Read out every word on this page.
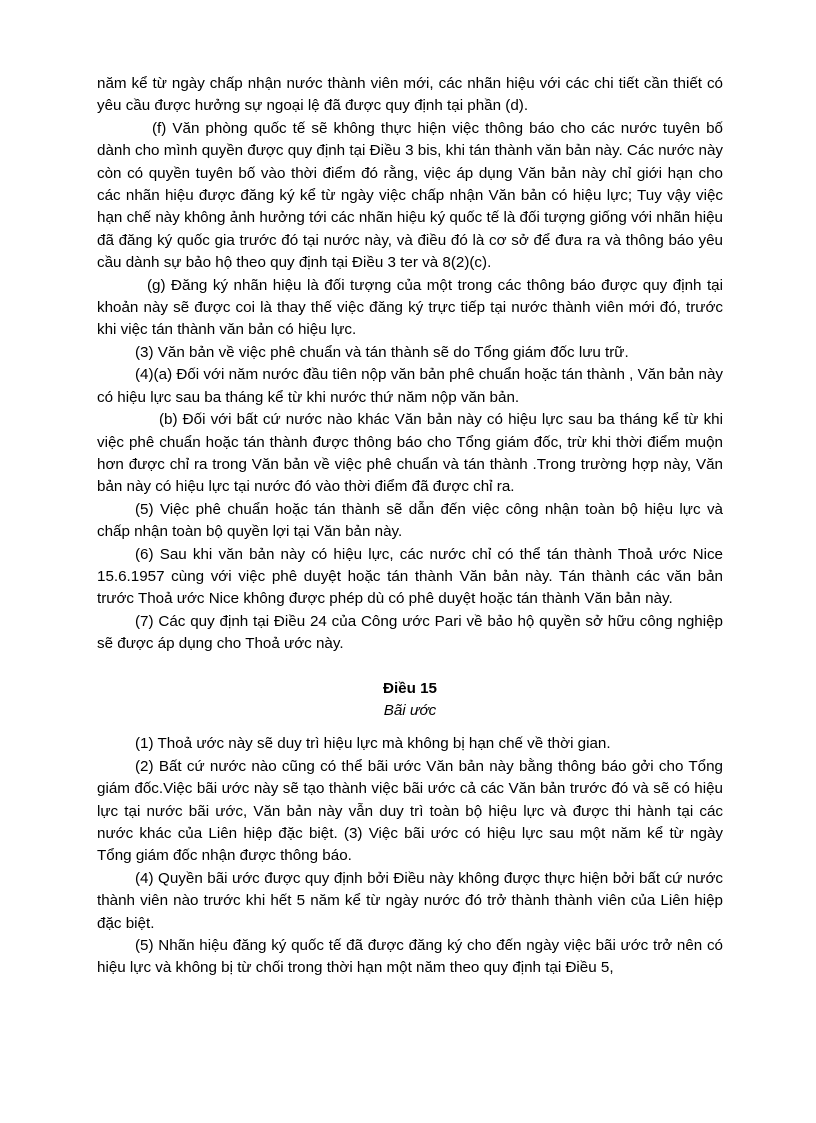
năm kể từ ngày chấp nhận nước thành viên mới, các nhãn hiệu với các chi tiết cần thiết có yêu cầu được hưởng sự ngoại lệ đã được quy định tại phần (d).

(f) Văn phòng quốc tế sẽ không thực hiện việc thông báo cho các nước tuyên bố dành cho mình quyền được quy định tại Điều 3 bis, khi tán thành văn bản này. Các nước này còn có quyền tuyên bố vào thời điểm đó rằng, việc áp dụng Văn bản này chỉ giới hạn cho các nhãn hiệu được đăng ký kể từ ngày việc chấp nhận Văn bản có hiệu lực; Tuy vậy việc hạn chế này không ảnh hưởng tới các nhãn hiệu ký quốc tế là đối tượng giống với nhãn hiệu đã đăng ký quốc gia trước đó tại nước này, và điều đó là cơ sở để đưa ra và thông báo yêu cầu dành sự bảo hộ theo quy định tại Điều 3 ter và 8(2)(c).

(g) Đăng ký nhãn hiệu là đối tượng của một trong các thông báo được quy định tại khoản này sẽ được coi là thay thế việc đăng ký trực tiếp tại nước thành viên mới đó, trước khi việc tán thành văn bản có hiệu lực.

(3) Văn bản về việc phê chuẩn và tán thành sẽ do Tổng giám đốc lưu trữ.

(4)(a) Đối với năm nước đầu tiên nộp văn bản phê chuẩn hoặc tán thành , Văn bản này có hiệu lực sau ba tháng kể từ khi nước thứ năm nộp văn bản.

(b) Đối với bất cứ nước nào khác Văn bản này có hiệu lực sau ba tháng kể từ khi việc phê chuẩn hoặc tán thành được thông báo cho Tổng giám đốc, trừ khi thời điểm muộn hơn được chỉ ra trong Văn bản về việc phê chuẩn và tán thành .Trong trường hợp này, Văn bản này có hiệu lực tại nước đó vào thời điểm đã được chỉ ra.

(5) Việc phê chuẩn hoặc tán thành sẽ dẫn đến việc công nhận toàn bộ hiệu lực và chấp nhận toàn bộ quyền lợi tại Văn bản này.

(6) Sau khi văn bản này có hiệu lực, các nước chỉ có thể tán thành Thoả ước Nice 15.6.1957 cùng với việc phê duyệt hoặc tán thành Văn bản này. Tán thành các văn bản trước Thoả ước Nice không được phép dù có phê duyệt hoặc tán thành Văn bản này.

(7) Các quy định tại Điều 24 của Công ước Pari về bảo hộ quyền sở hữu công nghiệp sẽ được áp dụng cho Thoả ước này.

Điều 15

Bãi ước

(1) Thoả ước này sẽ duy trì hiệu lực mà không bị hạn chế về thời gian.

(2) Bất cứ nước nào cũng có thể bãi ước Văn bản này bằng thông báo gởi cho Tổng giám đốc.Việc bãi ước này sẽ tạo thành việc bãi ước cả các Văn bản trước đó và sẽ có hiệu lực tại nước bãi ước, Văn bản này vẫn duy trì toàn bộ hiệu lực và được thi hành tại các nước khác của Liên hiệp đặc biệt. (3) Việc bãi ước có hiệu lực sau một năm kể từ ngày Tổng giám đốc nhận được thông báo.

(4) Quyền bãi ước được quy định bởi Điều này không được thực hiện bởi bất cứ nước thành viên nào trước khi hết 5 năm kể từ ngày nước đó trở thành thành viên của Liên hiệp đặc biệt.

(5) Nhãn hiệu đăng ký quốc tế đã được đăng ký cho đến ngày việc bãi ước trở nên có hiệu lực và không bị từ chối trong thời hạn một năm theo quy định tại Điều 5,
